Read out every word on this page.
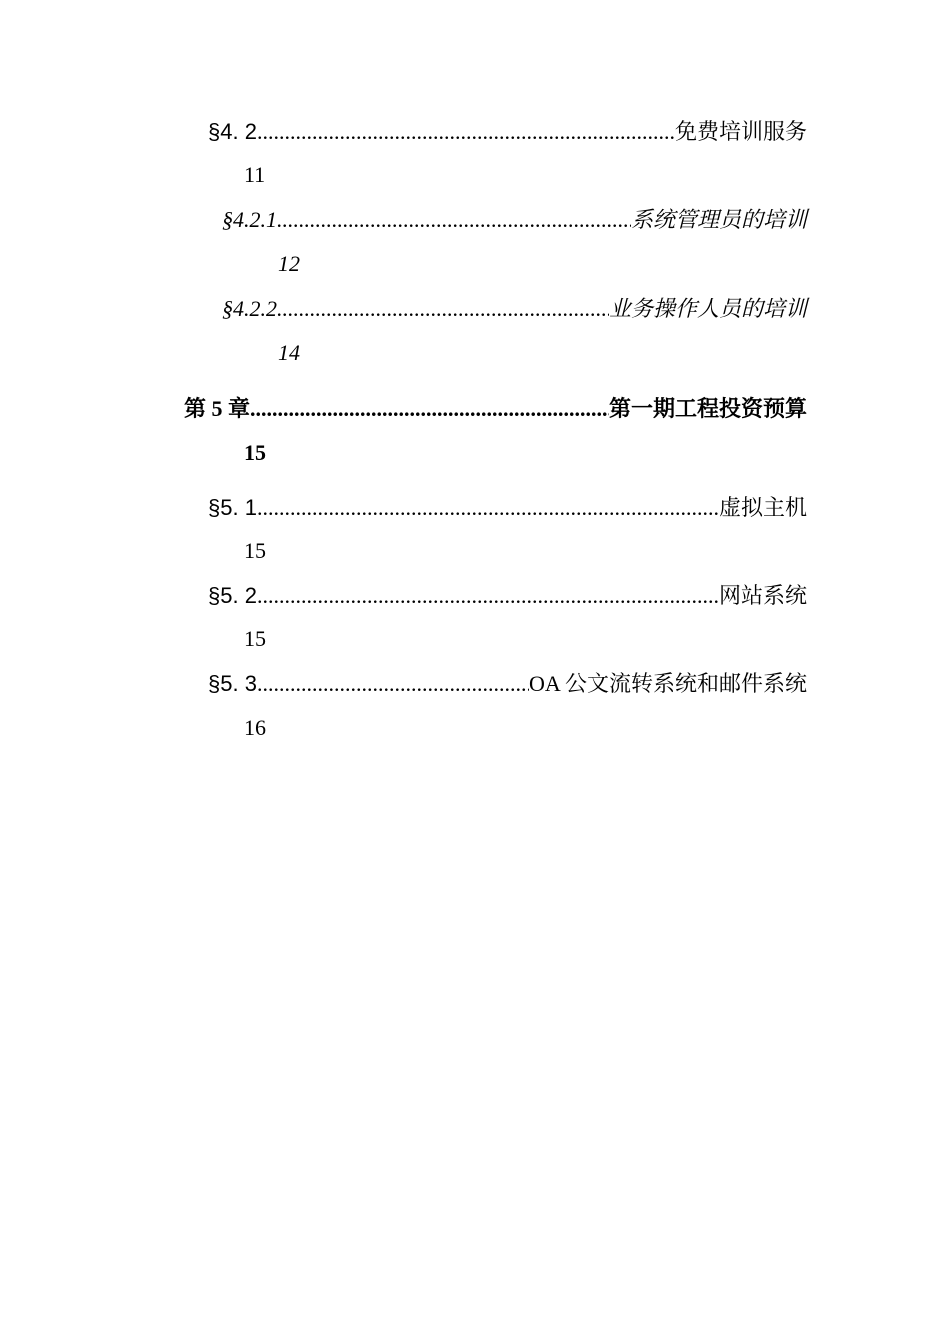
§4. 2 .....	免费培训服务
11
§4.2.1 .....	系统管理员的培训
12
§4.2.2 .....	业务操作人员的培训
14
第 5 章 .....	第一期工程投资预算
15
§5. 1 .....	虚拟主机
15
§5. 2 .....	网站系统
15
§5. 3 .....	OA 公文流转系统和邮件系统
16
